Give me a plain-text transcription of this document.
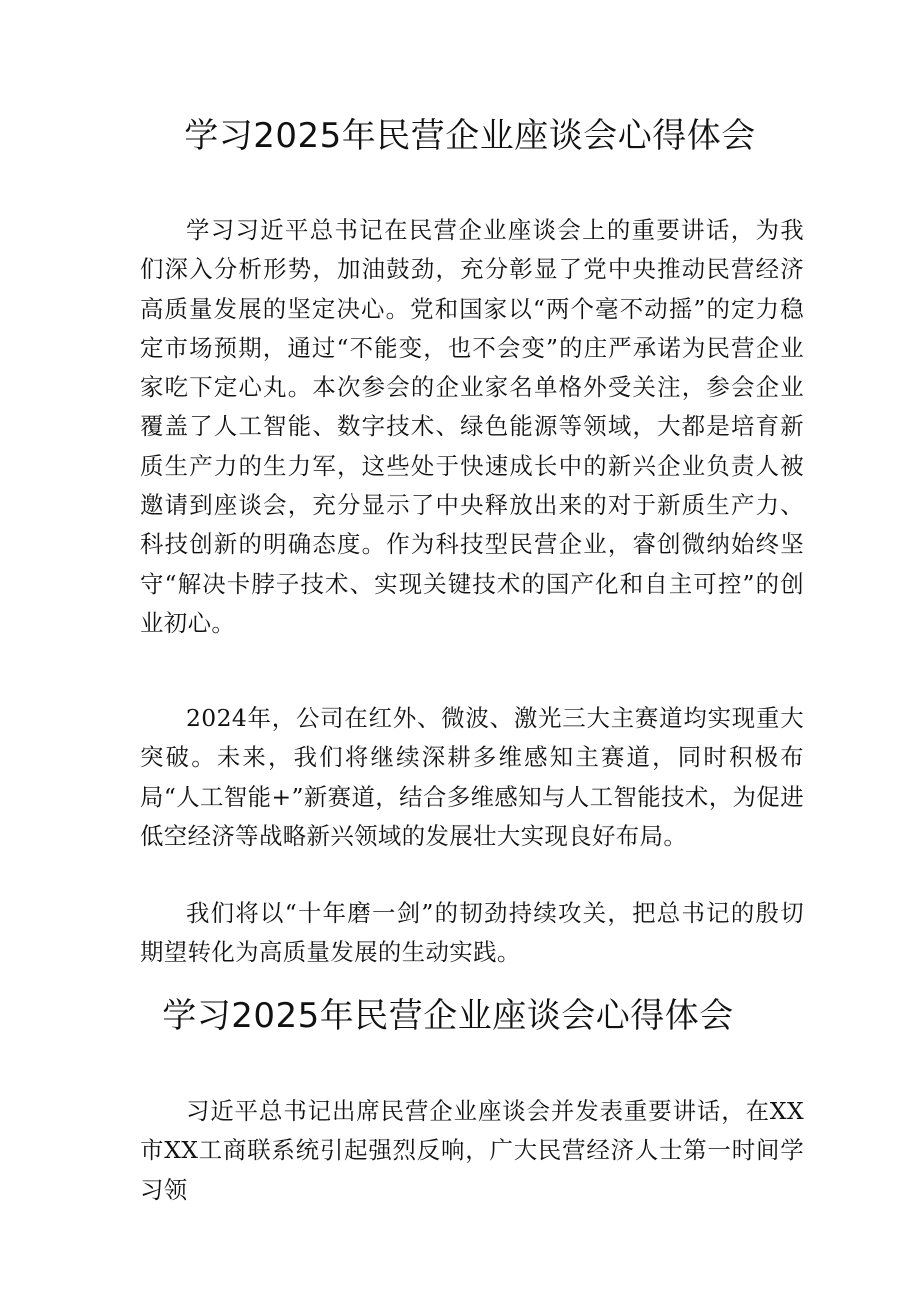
学习2025年民营企业座谈会心得体会

学习习近平总书记在民营企业座谈会上的重要讲话，为我们深入分析形势，加油鼓劲，充分彰显了党中央推动民营经济高质量发展的坚定决心。党和国家以“两个毫不动摇”的定力稳定市场预期，通过“不能变，也不会变”的庄严承诺为民营企业家吃下定心丸。本次参会的企业家名单格外受关注，参会企业覆盖了人工智能、数字技术、绿色能源等领域，大都是培育新质生产力的生力军，这些处于快速成长中的新兴企业负责人被邀请到座谈会，充分显示了中央释放出来的对于新质生产力、科技创新的明确态度。作为科技型民营企业，睿创微纳始终坚守“解决卡脖子技术、实现关键技术的国产化和自主可控”的创业初心。

2024年，公司在红外、微波、激光三大主赛道均实现重大突破。未来，我们将继续深耕多维感知主赛道，同时积极布局“人工智能+”新赛道，结合多维感知与人工智能技术，为促进低空经济等战略新兴领域的发展壮大实现良好布局。

我们将以“十年磨一剑”的韧劲持续攻关，把总书记的殷切期望转化为高质量发展的生动实践。

学习2025年民营企业座谈会心得体会

习近平总书记出席民营企业座谈会并发表重要讲话，在XX市XX工商联系统引起强烈反响，广大民营经济人士第一时间学习领
